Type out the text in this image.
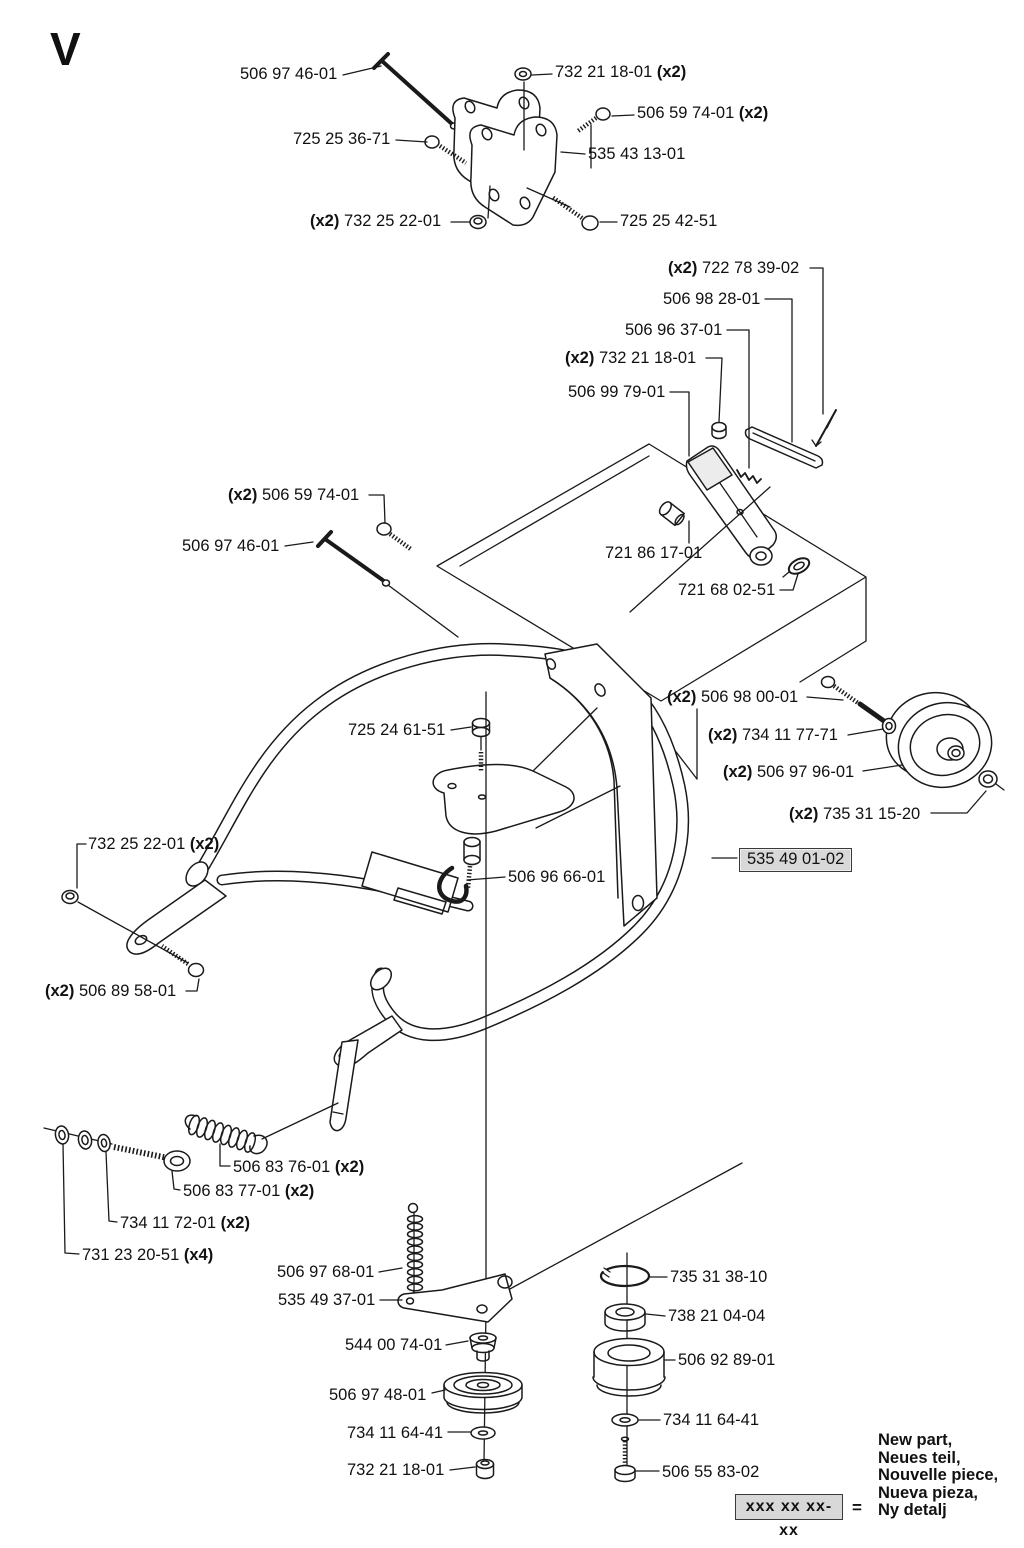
V	506 97 46-01	732 21 18-01 (x2)
506 59 74-01 (x2)
725 25 36-71
535 43 13-01
(x2) 732 25 22-01	725 25 42-51
(x2) 722 78 39-02
506 98 28-01
506 96 37-01
(x2) 732 21 18-01
506 99 79-01
(x2) 506 59 74-01
506 97 46-01	721 86 17-01
721 68 02-51
(x2) 506 98 00-01
(x2) 734 11 77-71
(x2) 506 97 96-01
(x2) 735 31 15-20
725 24 61-51
535 49 01-02
732 25 22-01 (x2)
506 96 66-01
(x2) 506 89 58-01
506 83 76-01 (x2)
506 83 77-01 (x2)
734 11 72-01 (x2)
731 23 20-51 (x4)
506 97 68-01
535 49 37-01
735 31 38-10
738 21 04-04
544 00 74-01
506 92 89-01
506 97 48-01
734 11 64-41
734 11 64-41
732 21 18-01	506 55 83-02
xxx xx xx-xx
=
New part,
Neues teil,
Nouvelle piece,
Nueva pieza,
Ny detalj
